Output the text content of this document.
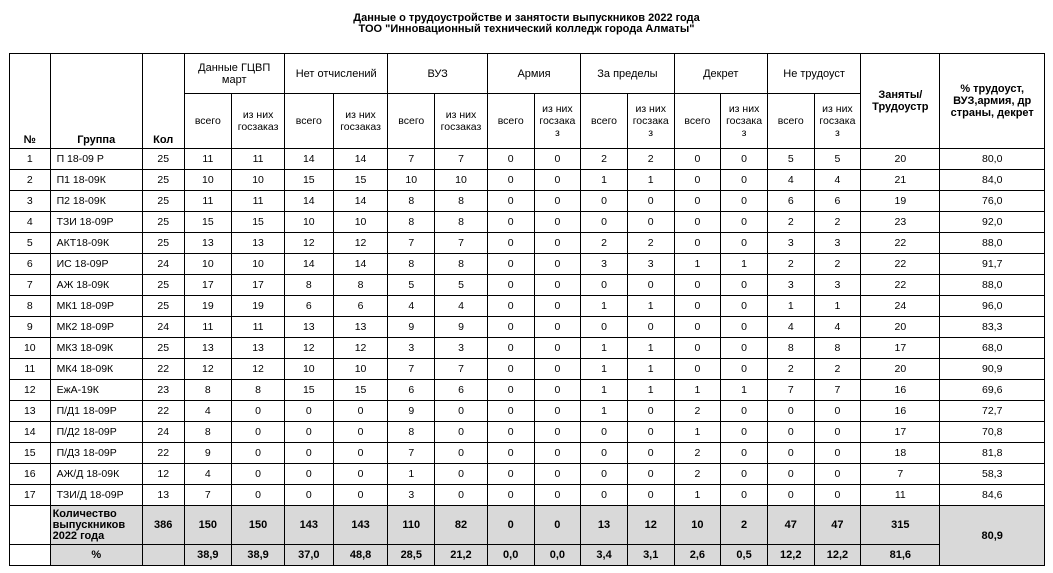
Данные о трудоустройстве и занятости выпускников 2022 года
ТОО "Инновационный технический колледж города Алматы"
№	Группа	Кол	Данные ГЦВП март		Нет отчислений		ВУЗ		Армия		За пределы		Декрет		Не трудоуст		Заняты/ Трудоустр	% трудоуст, ВУЗ,армия, др страны, декрет
			всего	из них госзаказ	всего	из них госзаказ	всего	из них госзаказ	всего	из них госзака з	всего	из них госзака з	всего	из них госзака з	всего	из них госзака з		
1	П 18-09 Р	25	11	11	14	14	7	7	0	0	2	2	0	0	5	5	20	80,0
2	П1 18-09К	25	10	10	15	15	10	10	0	0	1	1	0	0	4	4	21	84,0
3	П2 18-09К	25	11	11	14	14	8	8	0	0	0	0	0	0	6	6	19	76,0
4	ТЗИ 18-09Р	25	15	15	10	10	8	8	0	0	0	0	0	0	2	2	23	92,0
5	АКТ18-09К	25	13	13	12	12	7	7	0	0	2	2	0	0	3	3	22	88,0
6	ИС 18-09Р	24	10	10	14	14	8	8	0	0	3	3	1	1	2	2	22	91,7
7	АЖ 18-09К	25	17	17	8	8	5	5	0	0	0	0	0	0	3	3	22	88,0
8	МК1 18-09Р	25	19	19	6	6	4	4	0	0	1	1	0	0	1	1	24	96,0
9	МК2 18-09Р	24	11	11	13	13	9	9	0	0	0	0	0	0	4	4	20	83,3
10	МК3 18-09К	25	13	13	12	12	3	3	0	0	1	1	0	0	8	8	17	68,0
11	МК4 18-09К	22	12	12	10	10	7	7	0	0	1	1	0	0	2	2	20	90,9
12	ЕжА-19К	23	8	8	15	15	6	6	0	0	1	1	1	1	7	7	16	69,6
13	П/Д1 18-09Р	22	4	0	0	0	9	0	0	0	1	0	2	0	0	0	16	72,7
14	П/Д2 18-09Р	24	8	0	0	0	8	0	0	0	0	0	1	0	0	0	17	70,8
15	П/Д3 18-09Р	22	9	0	0	0	7	0	0	0	0	0	2	0	0	0	18	81,8
16	АЖ/Д 18-09К	12	4	0	0	0	1	0	0	0	0	0	2	0	0	0	7	58,3
17	ТЗИ/Д 18-09Р	13	7	0	0	0	3	0	0	0	0	0	1	0	0	0	11	84,6
	Количество выпускников 2022 года	386	150	150	143	143	110	82	0	0	13	12	10	2	47	47	315	80,9
	%		38,9	38,9	37,0	48,8	28,5	21,2	0,0	0,0	3,4	3,1	2,6	0,5	12,2	12,2	81,6	
